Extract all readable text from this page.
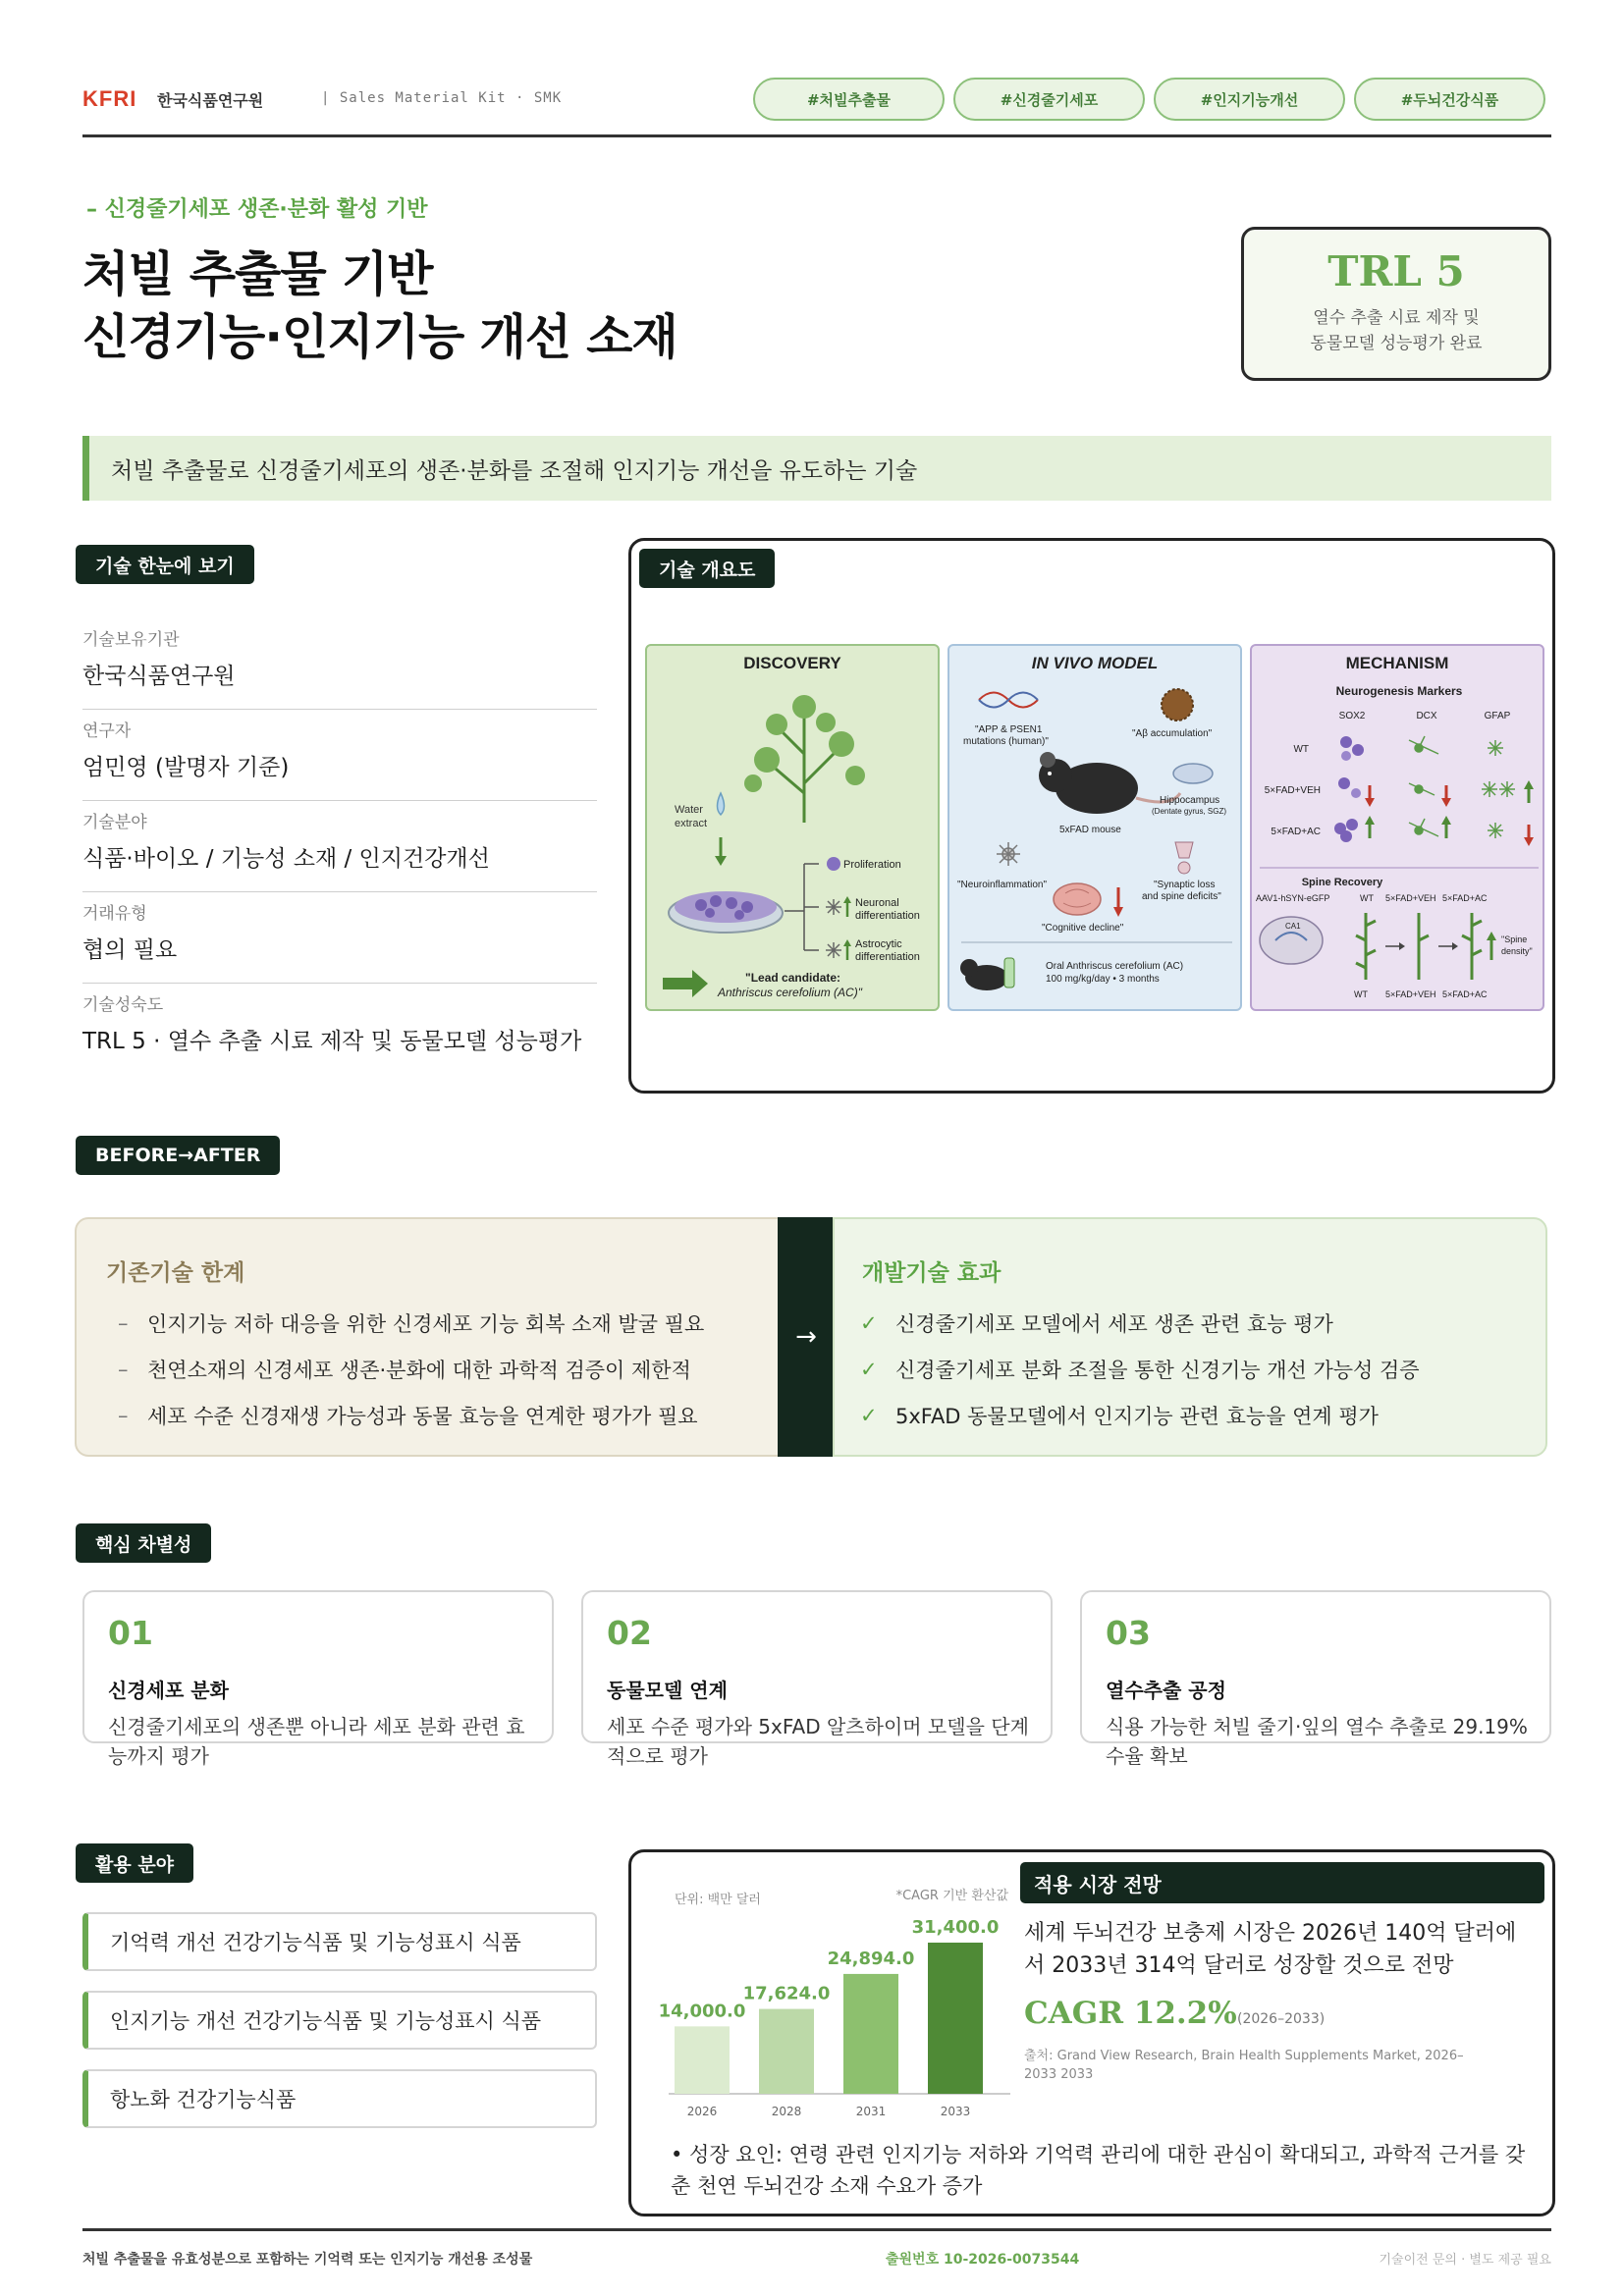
KFRI 한국식품연구원	| Sales Material Kit · SMK	#처빌추출물	#신경줄기세포	#인지기능개선	#두뇌건강식품
– 신경줄기세포 생존·분화 활성 기반
처빌 추출물 기반
신경기능·인지기능 개선 소재
TRL 5
열수 추출 시료 제작 및
동물모델 성능평가 완료
처빌 추출물로 신경줄기세포의 생존·분화를 조절해 인지기능 개선을 유도하는 기술
기술 한눈에 보기
기술보유기관
한국식품연구원
연구자
엄민영 (발명자 기준)
기술분야
식품·바이오 / 기능성 소재 / 인지건강개선
거래유형
협의 필요
기술성숙도
TRL 5 · 열수 추출 시료 제작 및 동물모델 성능평가
기술 개요도
DISCOVERY
Water
extract
Proliferation
Neuronal
differentiation
Astrocytic
differentiation
"Lead candidate:
Anthriscus cerefolium (AC)"
IN VIVO MODEL
"APP & PSEN1
mutations (human)"
"Aβ accumulation"
Hippocampus
(Dentate gyrus, SGZ)
5xFAD mouse
"Neuroinflammation"	"Synaptic loss
and spine deficits"
"Cognitive decline"
Oral Anthriscus cerefolium (AC)
100 mg/kg/day • 3 months
MECHANISM
Neurogenesis Markers
SOX2	DCX	GFAP
WT
5×FAD+VEH
5×FAD+AC
Spine Recovery
AAV1-hSYN-eGFP	WT 5×FAD+VEH 5×FAD+AC
CA1
"Spine
density"
WT 5×FAD+VEH 5×FAD+AC
BEFORE→AFTER
기존기술 한계
– 인지기능 저하 대응을 위한 신경세포 기능 회복 소재 발굴 필요
– 천연소재의 신경세포 생존·분화에 대한 과학적 검증이 제한적
– 세포 수준 신경재생 가능성과 동물 효능을 연계한 평가가 필요
→
개발기술 효과
✓ 신경줄기세포 모델에서 세포 생존 관련 효능 평가
✓ 신경줄기세포 분화 조절을 통한 신경기능 개선 가능성 검증
✓ 5xFAD 동물모델에서 인지기능 관련 효능을 연계 평가
핵심 차별성
01
신경세포 분화
신경줄기세포의 생존뿐 아니라 세포 분화 관련 효능까지 평가
02
동물모델 연계
세포 수준 평가와 5xFAD 알츠하이머 모델을 단계적으로 평가
03
열수추출 공정
식용 가능한 처빌 줄기·잎의 열수 추출로 29.19% 수율 확보
활용 분야
기억력 개선 건강기능식품 및 기능성표시 식품
인지기능 개선 건강기능식품 및 기능성표시 식품
항노화 건강기능식품
단위: 백만 달러	*CAGR 기반 환산값
14,000.0
2026
17,624.0
2028
24,894.0
2031
31,400.0
2033
적용 시장 전망
세계 두뇌건강 보충제 시장은 2026년 140억 달러에서 2033년 314억 달러로 성장할 것으로 전망
CAGR 12.2% (2026–2033)
출처: Grand View Research, Brain Health Supplements Market, 2026–2033 2033
• 성장 요인: 연령 관련 인지기능 저하와 기억력 관리에 대한 관심이 확대되고, 과학적 근거를 갖춘 천연 두뇌건강 소재 수요가 증가
처빌 추출물을 유효성분으로 포함하는 기억력 또는 인지기능 개선용 조성물	출원번호 10-2026-0073544	기술이전 문의 · 별도 제공 필요
